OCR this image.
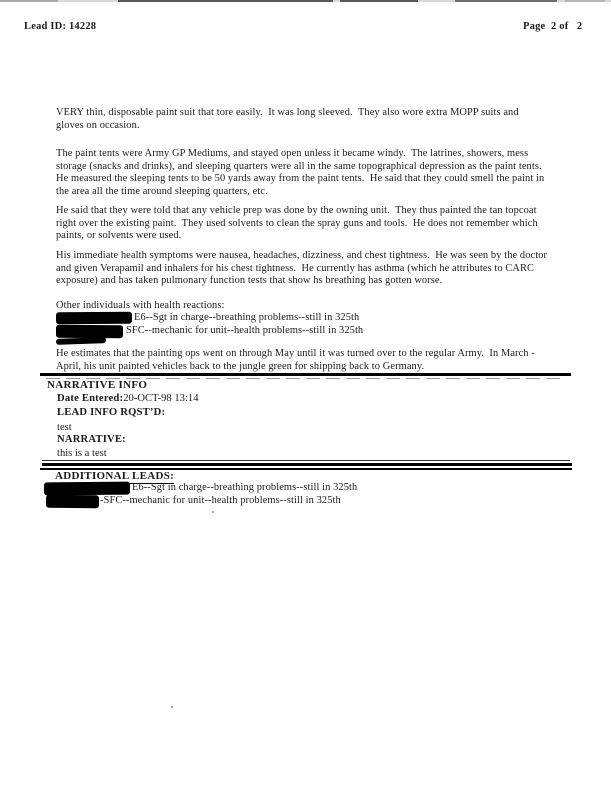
Lead ID: 14228	Page  2 of   2
VERY thin, disposable paint suit that tore easily.  It was long sleeved.  They also wore extra MOPP suits and
gloves on occasion.
The paint tents were Army GP Mediums, and stayed open unless it became windy.  The latrines, showers, mess
storage (snacks and drinks), and sleeping quarters were all in the same topographical depression as the paint tents.
He measured the sleeping tents to be 50 yards away from the paint tents.  He said that they could smell the paint in
the area all the time around sleeping quarters, etc.
He said that they were told that any vehicle prep was done by the owning unit.  They thus painted the tan topcoat
right over the existing paint.  They used solvents to clean the spray guns and tools.  He does not remember which
paints, or solvents were used.
His immediate health symptoms were nausea, headaches, dizziness, and chest tightness.  He was seen by the doctor
and given Verapamil and inhalers for his chest tightness.  He currently has asthma (which he attributes to CARC
exposure) and has taken pulmonary function tests that show hs breathing has gotten worse.
Other individuals with health reactions:
E6--Sgt in charge--breathing problems--still in 325th
SFC--mechanic for unit--health problems--still in 325th
He estimates that the painting ops went on through May until it was turned over to the regular Army.  In March -
April, his unit painted vehicles back to the jungle green for shipping back to Germany.
NARRATIVE INFO
Date Entered:20-OCT-98 13:14
LEAD INFO RQST’D:
test
NARRATIVE:
this is a test
ADDITIONAL LEADS:
E6--Sgt in charge--breathing problems--still in 325th
-SFC--mechanic for unit--health problems--still in 325th
